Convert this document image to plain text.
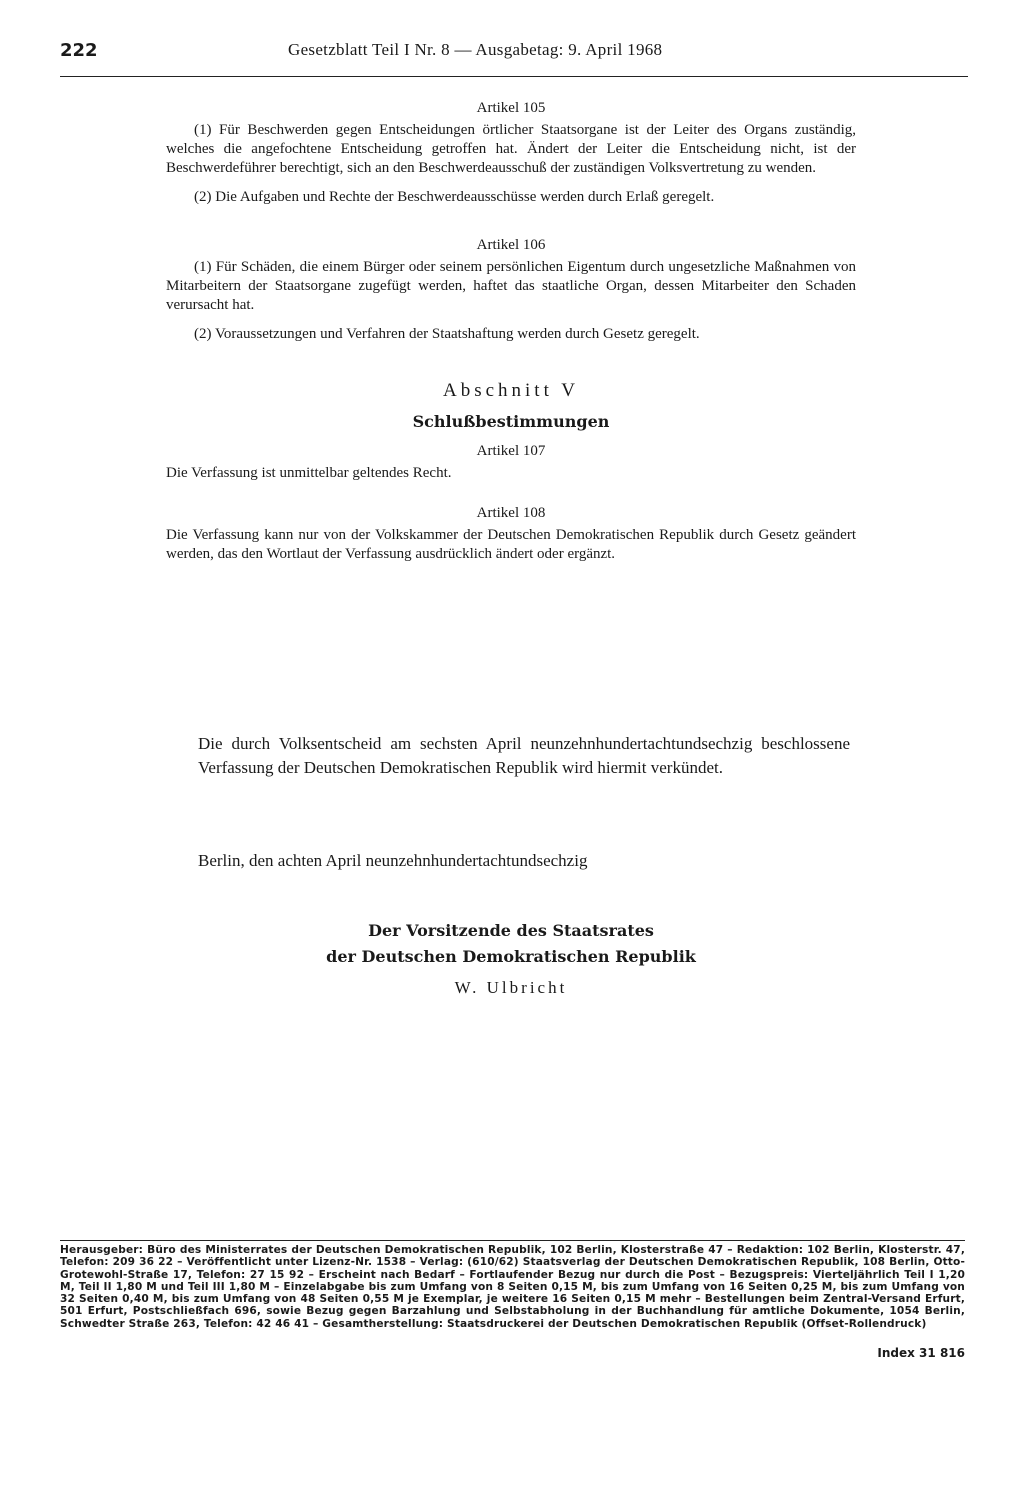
222	Gesetzblatt Teil I Nr. 8 — Ausgabetag: 9. April 1968

Artikel 105

(1) Für Beschwerden gegen Entscheidungen örtlicher Staatsorgane ist der Leiter des Organs zuständig, welches die angefochtene Entscheidung getroffen hat. Ändert der Leiter die Entscheidung nicht, ist der Beschwerdeführer berechtigt, sich an den Beschwerdeausschuß der zuständigen Volksvertretung zu wenden.

(2) Die Aufgaben und Rechte der Beschwerdeausschüsse werden durch Erlaß geregelt.

Artikel 106

(1) Für Schäden, die einem Bürger oder seinem persönlichen Eigentum durch ungesetzliche Maßnahmen von Mitarbeitern der Staatsorgane zugefügt werden, haftet das staatliche Organ, dessen Mitarbeiter den Schaden verursacht hat.

(2) Voraussetzungen und Verfahren der Staatshaftung werden durch Gesetz geregelt.

Abschnitt V

Schlußbestimmungen

Artikel 107

Die Verfassung ist unmittelbar geltendes Recht.

Artikel 108

Die Verfassung kann nur von der Volkskammer der Deutschen Demokratischen Republik durch Gesetz geändert werden, das den Wortlaut der Verfassung ausdrücklich ändert oder ergänzt.

Die durch Volksentscheid am sechsten April neunzehnhundertachtundsechzig beschlossene Verfassung der Deutschen Demokratischen Republik wird hiermit verkündet.

Berlin, den achten April neunzehnhundertachtundsechzig

Der Vorsitzende des Staatsrates
der Deutschen Demokratischen Republik
W. Ulbricht

Herausgeber: Büro des Ministerrates der Deutschen Demokratischen Republik, 102 Berlin, Klosterstraße 47 – Redaktion: 102 Berlin, Klosterstr. 47, Telefon: 209 36 22 – Veröffentlicht unter Lizenz-Nr. 1538 – Verlag: (610/62) Staatsverlag der Deutschen Demokratischen Republik, 108 Berlin, Otto-Grotewohl-Straße 17, Telefon: 27 15 92 – Erscheint nach Bedarf – Fortlaufender Bezug nur durch die Post – Bezugspreis: Vierteljährlich Teil I 1,20 M, Teil II 1,80 M und Teil III 1,80 M – Einzelabgabe bis zum Umfang von 8 Seiten 0,15 M, bis zum Umfang von 16 Seiten 0,25 M, bis zum Umfang von 32 Seiten 0,40 M, bis zum Umfang von 48 Seiten 0,55 M je Exemplar, je weitere 16 Seiten 0,15 M mehr – Bestellungen beim Zentral-Versand Erfurt, 501 Erfurt, Postschließfach 696, sowie Bezug gegen Barzahlung und Selbstabholung in der Buchhandlung für amtliche Dokumente, 1054 Berlin, Schwedter Straße 263, Telefon: 42 46 41 – Gesamtherstellung: Staatsdruckerei der Deutschen Demokratischen Republik (Offset-Rollendruck)

Index 31 816
